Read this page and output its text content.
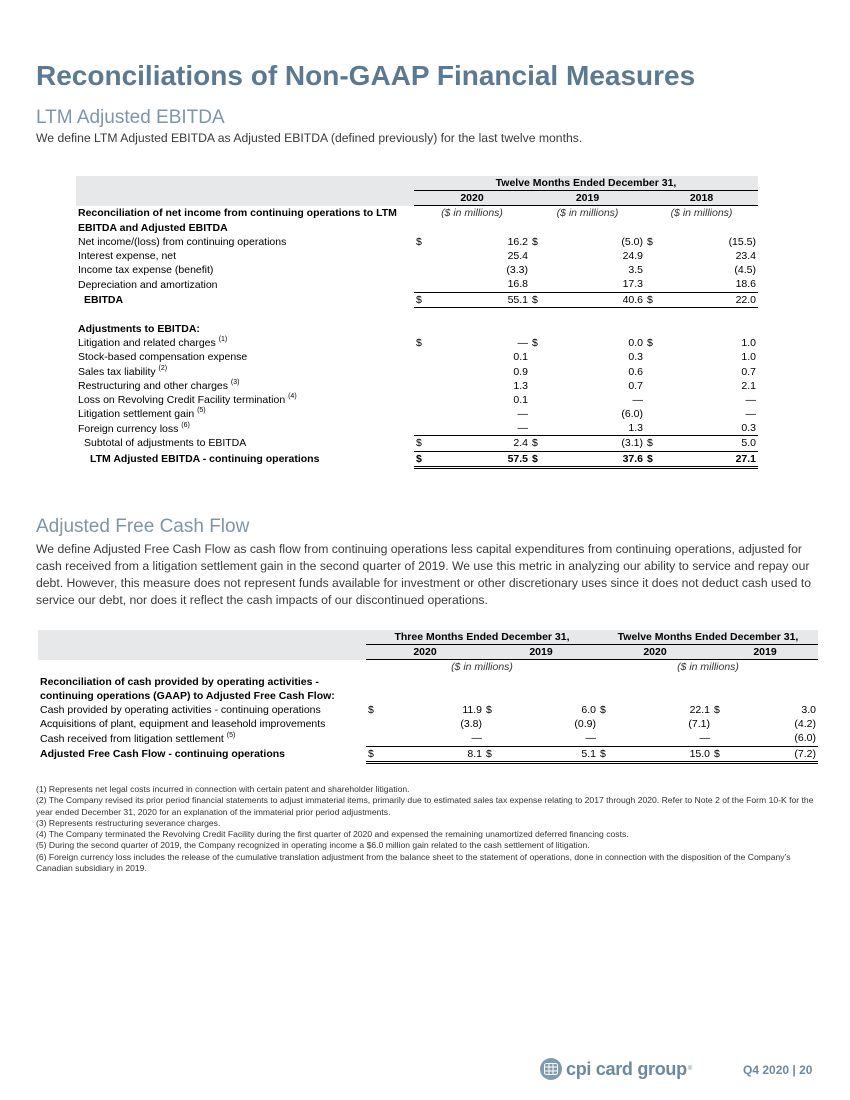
Reconciliations of Non-GAAP Financial Measures
LTM Adjusted EBITDA
We define LTM Adjusted EBITDA as Adjusted EBITDA (defined previously) for the last twelve months.
	Twelve Months Ended December 31,					
	2020		2019		2018	
Reconciliation of net income from continuing operations to LTM	($ in millions)		($ in millions)		($ in millions)	
EBITDA and Adjusted EBITDA						
Net income/(loss) from continuing operations	$	16.2	$	(5.0)	$	(15.5)
Interest expense, net		25.4		24.9		23.4
Income tax expense (benefit)		(3.3)		3.5		(4.5)
Depreciation and amortization		16.8		17.3		18.6
EBITDA	$	55.1	$	40.6	$	22.0

Adjustments to EBITDA:						
Litigation and related charges $^{(1)}$	$	—	$	0.0	$	1.0
Stock-based compensation expense		0.1		0.3		1.0
Sales tax liability $^{(2)}$		0.9		0.6		0.7
Restructuring and other charges $^{(3)}$		1.3		0.7		2.1
Loss on Revolving Credit Facility termination $^{(4)}$		0.1		—		—
Litigation settlement gain $^{(5)}$		—		(6.0)		—
Foreign currency loss $^{(6)}$		—		1.3		0.3
Subtotal of adjustments to EBITDA	$	2.4	$	(3.1)	$	5.0
LTM Adjusted EBITDA - continuing operations	$	57.5	$	37.6	$	27.1
Adjusted Free Cash Flow
We define Adjusted Free Cash Flow as cash flow from continuing operations less capital expenditures from continuing operations, adjusted for cash received from a litigation settlement gain in the second quarter of 2019. We use this metric in analyzing our ability to service and repay our debt. However, this measure does not represent funds available for investment or other discretionary uses since it does not deduct cash used to service our debt, nor does it reflect the cash impacts of our discontinued operations.
	Three Months Ended December 31,				Twelve Months Ended December 31,			
	2020		2019		2020		2019	
	($ in millions)				($ in millions)			
Reconciliation of cash provided by operating activities -								
continuing operations (GAAP) to Adjusted Free Cash Flow:								
Cash provided by operating activities - continuing operations	$	11.9	$	6.0	$	22.1	$	3.0
Acquisitions of plant, equipment and leasehold improvements		(3.8)		(0.9)		(7.1)		(4.2)
Cash received from litigation settlement $^{(5)}$		—		—		—		(6.0)
Adjusted Free Cash Flow - continuing operations	$	8.1	$	5.1	$	15.0	$	(7.2)
(1) Represents net legal costs incurred in connection with certain patent and shareholder litigation.
(2) The Company revised its prior period financial statements to adjust immaterial items, primarily due to estimated sales tax expense relating to 2017 through 2020. Refer to Note 2 of the Form 10-K for the year ended December 31, 2020 for an explanation of the immaterial prior period adjustments.
(3) Represents restructuring severance charges.
(4) The Company terminated the Revolving Credit Facility during the first quarter of 2020 and expensed the remaining unamortized deferred financing costs.
(5) During the second quarter of 2019, the Company recognized in operating income a $6.0 million gain related to the cash settlement of litigation.
(6) Foreign currency loss includes the release of the cumulative translation adjustment from the balance sheet to the statement of operations, done in connection with the disposition of the Company’s Canadian subsidiary in 2019.
cpi card group ®	Q4 2020 | 20
